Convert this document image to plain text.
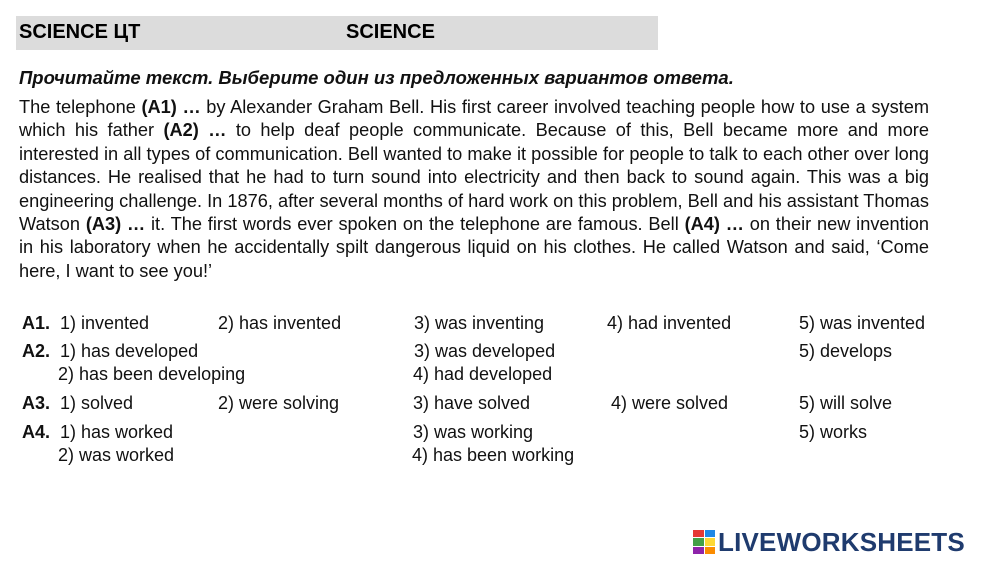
SCIENCE ЦТ	SCIENCE
Прочитайте текст. Выберите один из предложенных вариантов ответа.
The telephone (A1) … by Alexander Graham Bell. His first career involved teaching people how to use a system which his father (A2) … to help deaf people communicate. Because of this, Bell became more and more interested in all types of communication. Bell wanted to make it possible for people to talk to each other over long distances. He realised that he had to turn sound into electricity and then back to sound again. This was a big engineering challenge. In 1876, after several months of hard work on this problem, Bell and his assistant Thomas Watson (A3) … it. The first words ever spoken on the telephone are famous. Bell (A4) … on their new invention in his laboratory when he accidentally spilt dangerous liquid on his clothes. He called Watson and said, ‘Come here, I want to see you!’
A1. 1) invented	2) has invented	3) was inventing	4) had invented	5) was invented
A2. 1) has developed
2) has been developing
3) was developed
4) had developed
5) develops
A3. 1) solved	2) were solving	3) have solved	4) were solved	5) will solve
A4. 1) has worked
2) was worked
3) was working
4) has been working
5) works
LIVEWORKSHEETS
